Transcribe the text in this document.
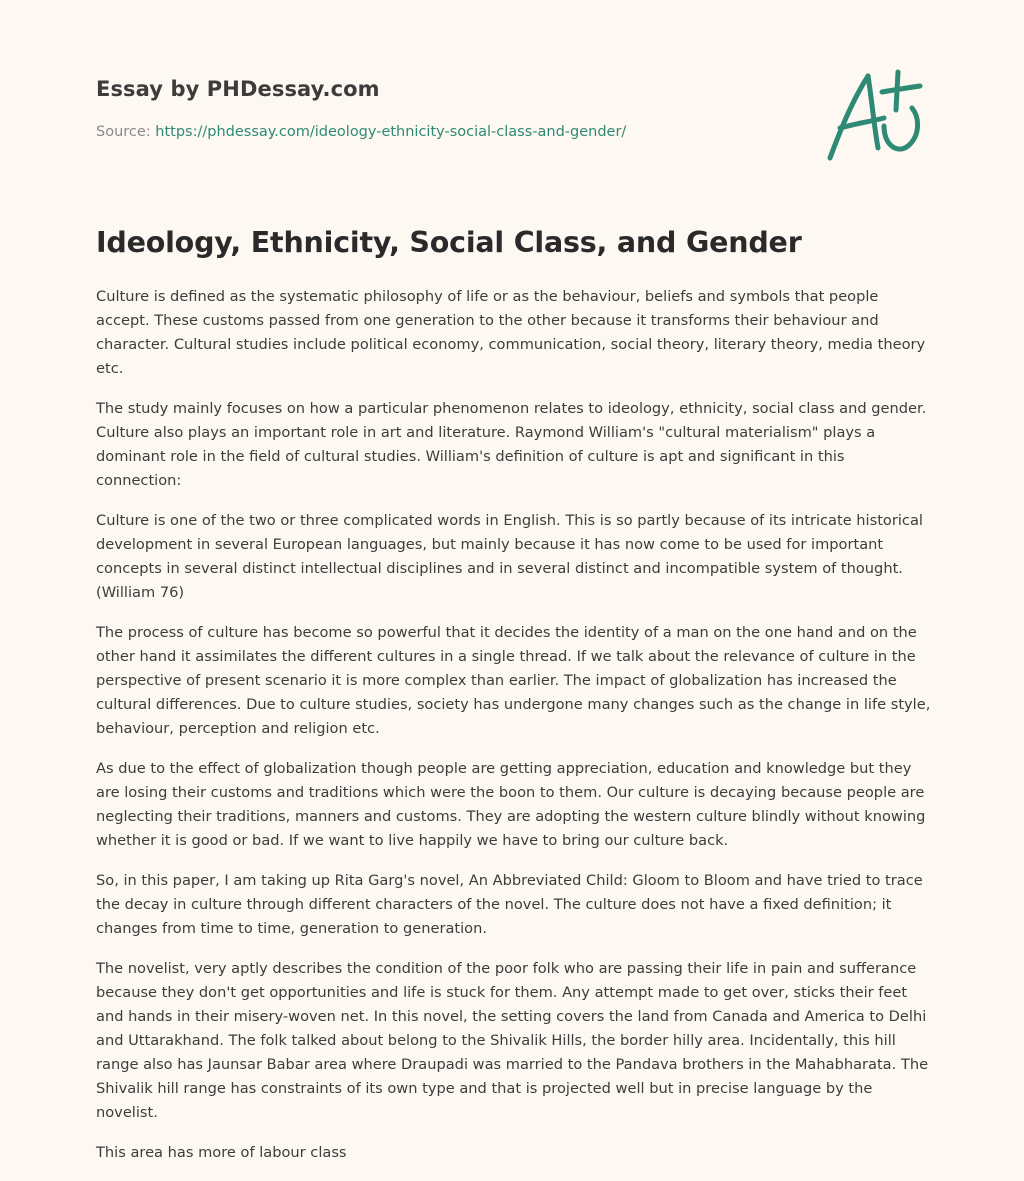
Essay by PHDessay.com
Source: https://phdessay.com/ideology-ethnicity-social-class-and-gender/
Ideology, Ethnicity, Social Class, and Gender

Culture is defined as the systematic philosophy of life or as the behaviour, beliefs and symbols that people accept. These customs passed from one generation to the other because it transforms their behaviour and character. Cultural studies include political economy, communication, social theory, literary theory, media theory etc.

The study mainly focuses on how a particular phenomenon relates to ideology, ethnicity, social class and gender. Culture also plays an important role in art and literature. Raymond William's "cultural materialism" plays a dominant role in the field of cultural studies. William's definition of culture is apt and significant in this connection:

Culture is one of the two or three complicated words in English. This is so partly because of its intricate historical development in several European languages, but mainly because it has now come to be used for important concepts in several distinct intellectual disciplines and in several distinct and incompatible system of thought. (William 76)

The process of culture has become so powerful that it decides the identity of a man on the one hand and on the other hand it assimilates the different cultures in a single thread. If we talk about the relevance of culture in the perspective of present scenario it is more complex than earlier. The impact of globalization has increased the cultural differences. Due to culture studies, society has undergone many changes such as the change in life style, behaviour, perception and religion etc.

As due to the effect of globalization though people are getting appreciation, education and knowledge but they are losing their customs and traditions which were the boon to them. Our culture is decaying because people are neglecting their traditions, manners and customs. They are adopting the western culture blindly without knowing whether it is good or bad. If we want to live happily we have to bring our culture back.

So, in this paper, I am taking up Rita Garg's novel, An Abbreviated Child: Gloom to Bloom and have tried to trace the decay in culture through different characters of the novel. The culture does not have a fixed definition; it changes from time to time, generation to generation.

The novelist, very aptly describes the condition of the poor folk who are passing their life in pain and sufferance because they don't get opportunities and life is stuck for them. Any attempt made to get over, sticks their feet and hands in their misery-woven net. In this novel, the setting covers the land from Canada and America to Delhi and Uttarakhand. The folk talked about belong to the Shivalik Hills, the border hilly area. Incidentally, this hill range also has Jaunsar Babar area where Draupadi was married to the Pandava brothers in the Mahabharata. The Shivalik hill range has constraints of its own type and that is projected well but in precise language by the novelist.

This area has more of labour class
